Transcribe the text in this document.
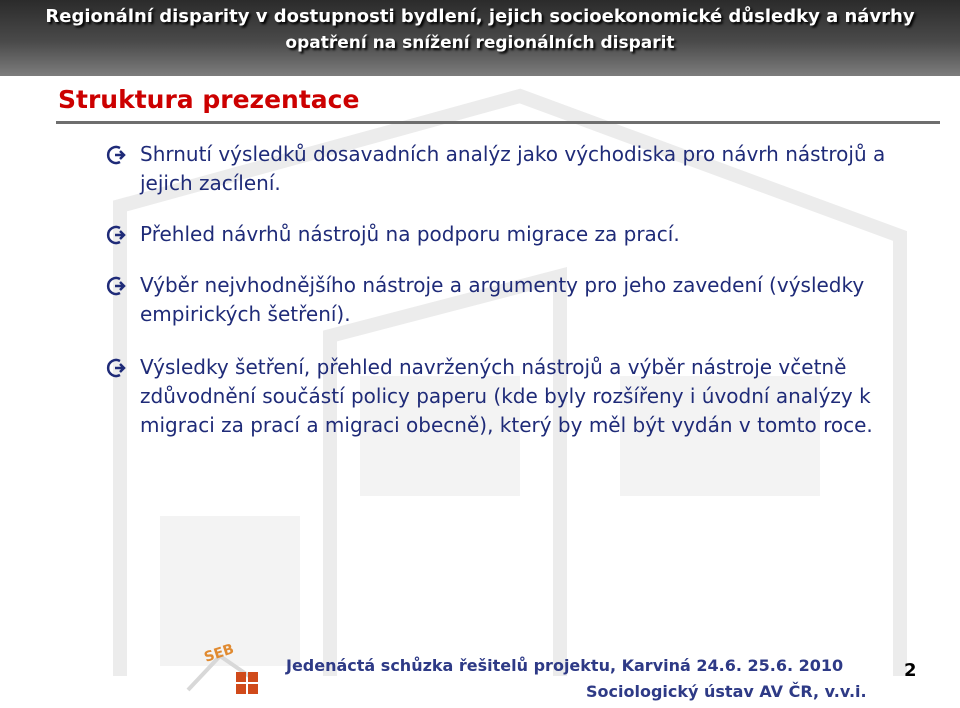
Regionální disparity v dostupnosti bydlení, jejich socioekonomické důsledky a návrhy
opatření na snížení regionálních disparit
Struktura prezentace
Shrnutí výsledků dosavadních analýz jako východiska pro návrh nástrojů a jejich zacílení.
Přehled návrhů nástrojů na podporu migrace za prací.
Výběr nejvhodnějšího nástroje a argumenty pro jeho zavedení (výsledky empirických šetření).
Výsledky šetření, přehled navržených nástrojů a výběr nástroje včetně zdůvodnění součástí policy paperu (kde byly rozšířeny i úvodní analýzy k migraci za prací a migraci obecně), který by měl být vydán v tomto roce.
SEB	Jedenáctá schůzka řešitelů projektu, Karviná 24.6. 25.6. 2010
Sociologický ústav AV ČR, v.v.i.
2
